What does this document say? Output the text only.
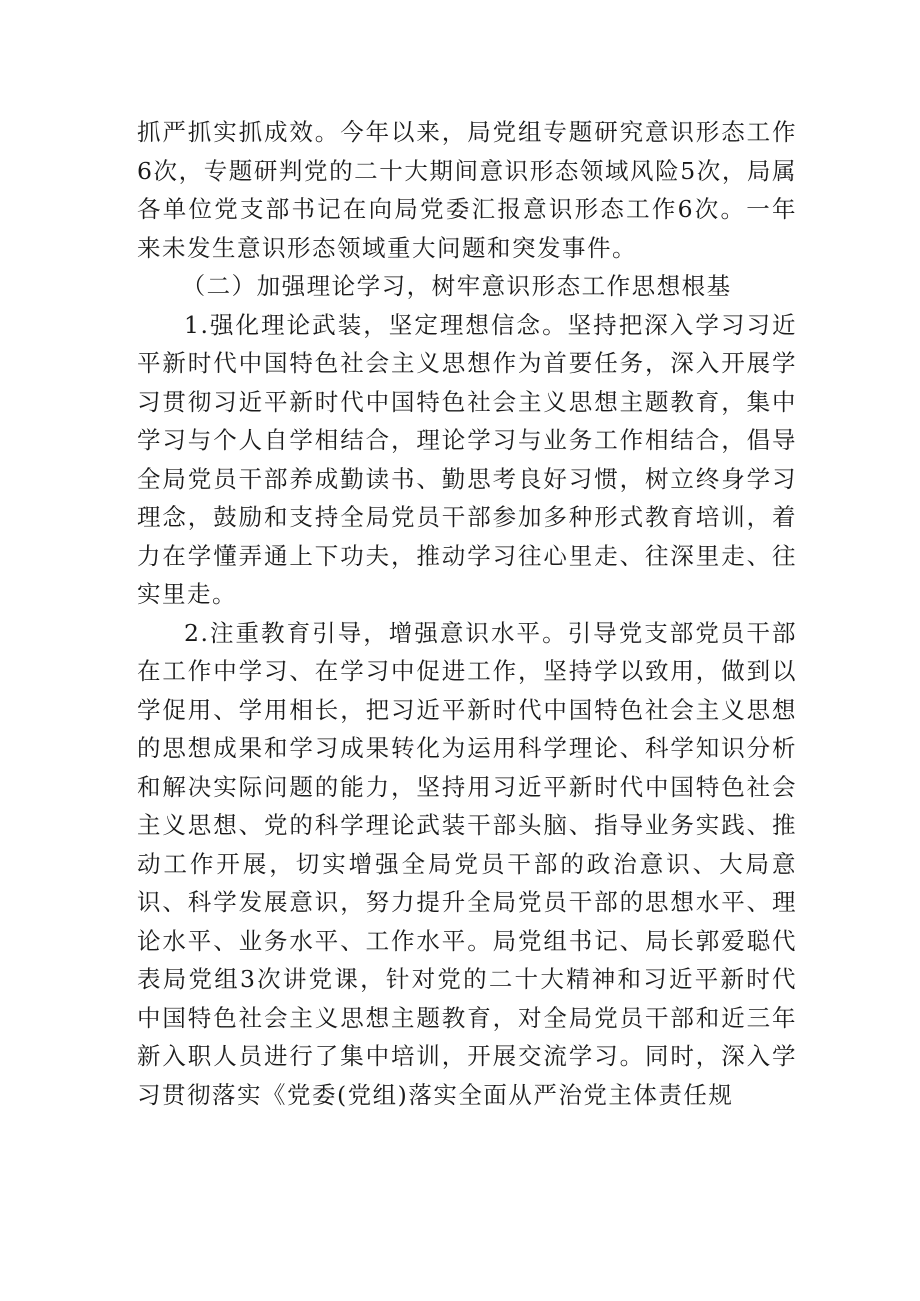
抓严抓实抓成效。今年以来，局党组专题研究意识形态工作6次，专题研判党的二十大期间意识形态领域风险5次，局属各单位党支部书记在向局党委汇报意识形态工作6次。一年来未发生意识形态领域重大问题和突发事件。

（二）加强理论学习，树牢意识形态工作思想根基

1.强化理论武装，坚定理想信念。坚持把深入学习习近平新时代中国特色社会主义思想作为首要任务，深入开展学习贯彻习近平新时代中国特色社会主义思想主题教育，集中学习与个人自学相结合，理论学习与业务工作相结合，倡导全局党员干部养成勤读书、勤思考良好习惯，树立终身学习理念，鼓励和支持全局党员干部参加多种形式教育培训，着力在学懂弄通上下功夫，推动学习往心里走、往深里走、往实里走。

2.注重教育引导，增强意识水平。引导党支部党员干部在工作中学习、在学习中促进工作，坚持学以致用，做到以学促用、学用相长，把习近平新时代中国特色社会主义思想的思想成果和学习成果转化为运用科学理论、科学知识分析和解决实际问题的能力，坚持用习近平新时代中国特色社会主义思想、党的科学理论武装干部头脑、指导业务实践、推动工作开展，切实增强全局党员干部的政治意识、大局意识、科学发展意识，努力提升全局党员干部的思想水平、理论水平、业务水平、工作水平。局党组书记、局长郭爱聪代表局党组3次讲党课，针对党的二十大精神和习近平新时代中国特色社会主义思想主题教育，对全局党员干部和近三年新入职人员进行了集中培训，开展交流学习。同时，深入学习贯彻落实《党委(党组)落实全面从严治党主体责任规
